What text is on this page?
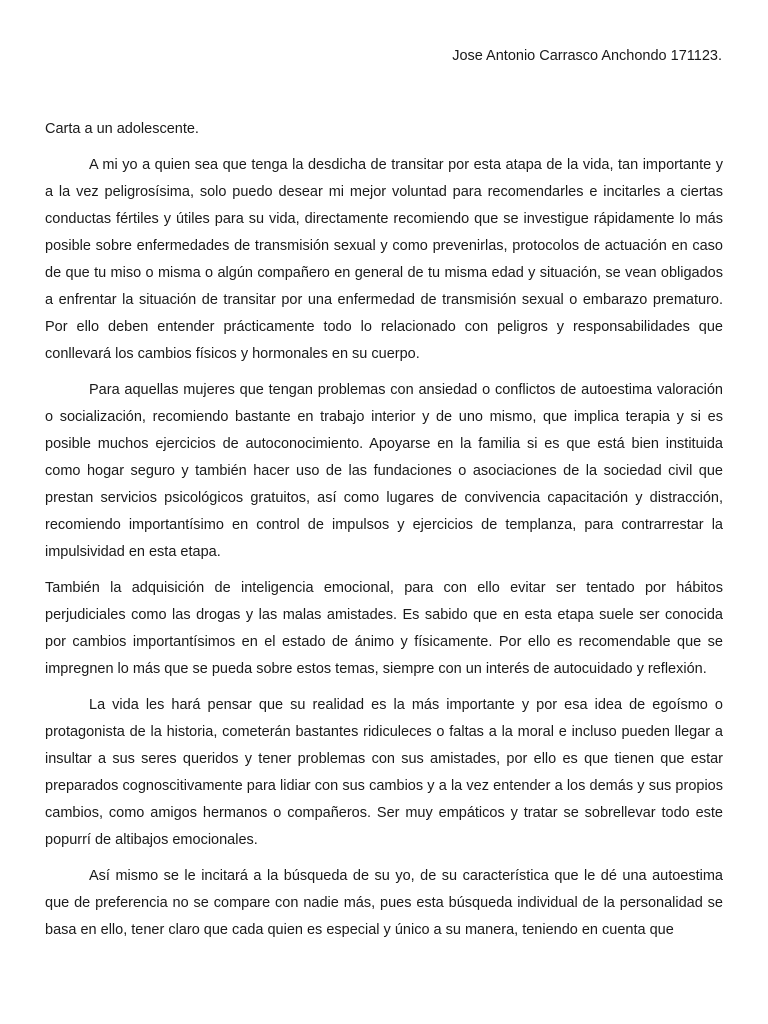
Jose Antonio Carrasco Anchondo 171123.
Carta a un adolescente.

A mi yo a quien sea que tenga la desdicha de transitar por esta atapa de la vida, tan importante y a la vez peligrosísima, solo puedo desear mi mejor voluntad para recomendarles e incitarles a ciertas conductas fértiles y útiles para su vida, directamente recomiendo que se investigue rápidamente lo más posible sobre enfermedades de transmisión sexual y como prevenirlas, protocolos de actuación en caso de que tu miso o misma o algún compañero en general de tu misma edad y situación, se vean obligados a enfrentar la situación de transitar por una enfermedad de transmisión sexual o embarazo prematuro. Por ello deben entender prácticamente todo lo relacionado con peligros y responsabilidades que conllevará los cambios físicos y hormonales en su cuerpo.

Para aquellas mujeres que tengan problemas con ansiedad o conflictos de autoestima valoración o socialización, recomiendo bastante en trabajo interior y de uno mismo, que implica terapia y si es posible muchos ejercicios de autoconocimiento. Apoyarse en la familia si es que está bien instituida como hogar seguro y también hacer uso de las fundaciones o asociaciones de la sociedad civil que prestan servicios psicológicos gratuitos, así como lugares de convivencia capacitación y distracción, recomiendo importantísimo en control de impulsos y ejercicios de templanza, para contrarrestar la impulsividad en esta etapa.

También la adquisición de inteligencia emocional, para con ello evitar ser tentado por hábitos perjudiciales como las drogas y las malas amistades. Es sabido que en esta etapa suele ser conocida por cambios importantísimos en el estado de ánimo y físicamente. Por ello es recomendable que se impregnen lo más que se pueda sobre estos temas, siempre con un interés de autocuidado y reflexión.

La vida les hará pensar que su realidad es la más importante y por esa idea de egoísmo o protagonista de la historia, cometerán bastantes ridiculeces o faltas a la moral e incluso pueden llegar a insultar a sus seres queridos y tener problemas con sus amistades, por ello es que tienen que estar preparados cognoscitivamente para lidiar con sus cambios y a la vez entender a los demás y sus propios cambios, como amigos hermanos o compañeros. Ser muy empáticos y tratar se sobrellevar todo este popurrí de altibajos emocionales.

Así mismo se le incitará a la búsqueda de su yo, de su característica que le dé una autoestima que de preferencia no se compare con nadie más, pues esta búsqueda individual de la personalidad se basa en ello, tener claro que cada quien es especial y único a su manera, teniendo en cuenta que
